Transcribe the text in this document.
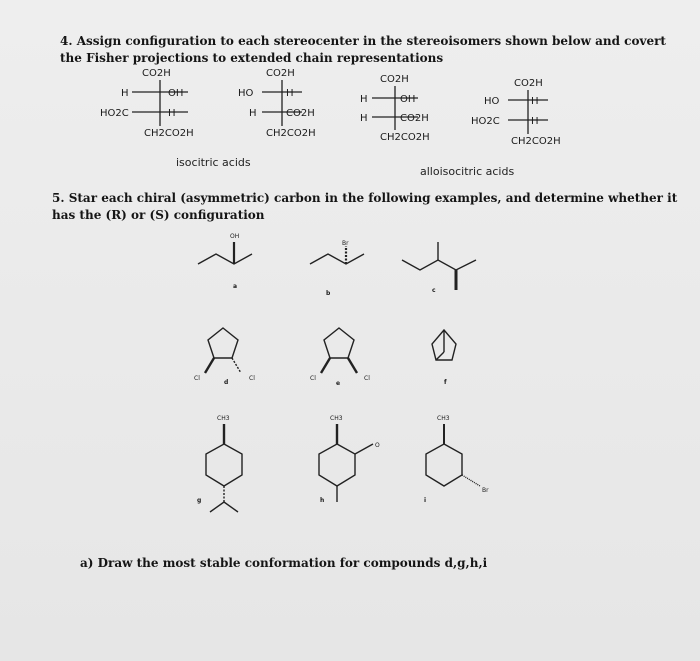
4. Assign configuration to each stereocenter in the stereoisomers shown below and covert the Fisher projections to extended chain representations

CO2H
H	OH
HO2C	H
CH2CO2H
CO2H
HO	H
H	CO2H
CH2CO2H
CO2H
H	OH
H	CO2H
CH2CO2H
CO2H
HO	H
HO2C	H
CH2CO2H
isocitric acids
alloisocitric acids

5. Star each chiral (asymmetric) carbon in the following examples, and determine whether it has the (R) or (S) configuration

OH
Br
Cl	Cl	Cl	Cl
CH3	CH3
O
CH3
Br
a
b	c
d	e	f
g	h	i

a) Draw the most stable conformation for compounds d,g,h,i
